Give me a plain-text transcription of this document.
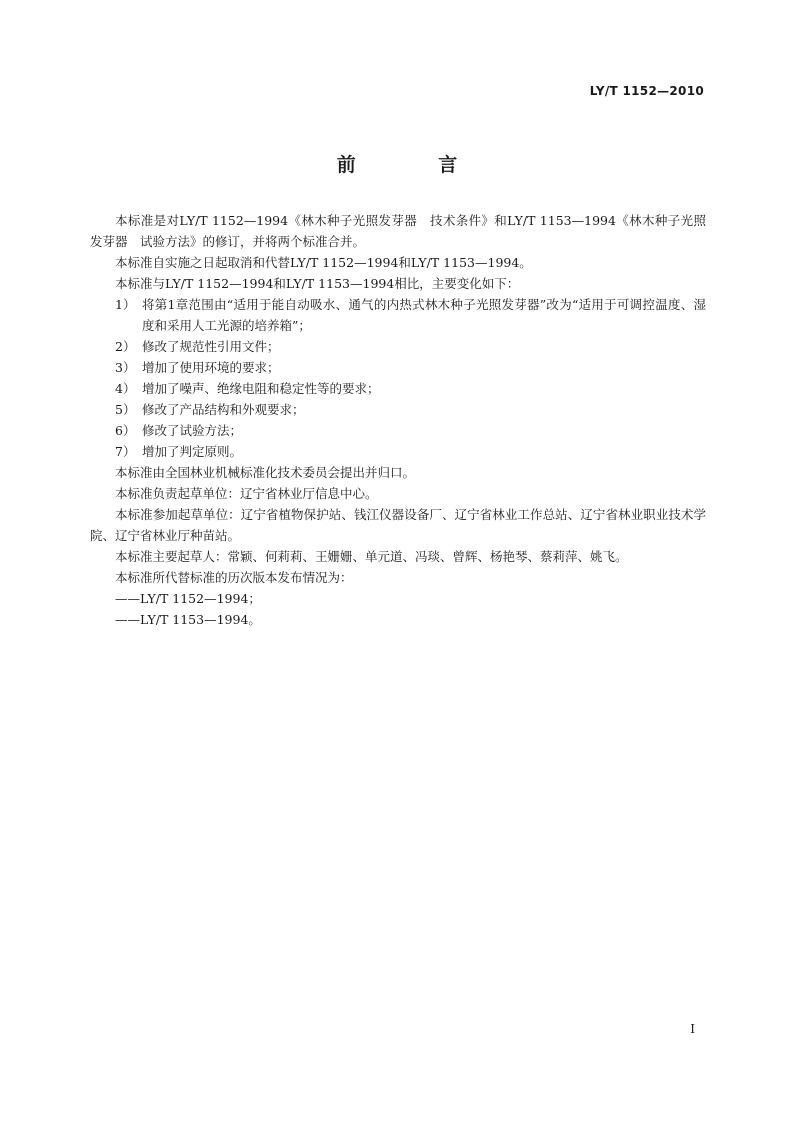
LY/T 1152—2010
前 言

本标准是对LY/T 1152—1994《林木种子光照发芽器　技术条件》和LY/T 1153—1994《林木种子光照发芽器　试验方法》的修订，并将两个标准合并。

本标准自实施之日起取消和代替LY/T 1152—1994和LY/T 1153—1994。

本标准与LY/T 1152—1994和LY/T 1153—1994相比，主要变化如下：

1） 将第1章范围由“适用于能自动吸水、通气的内热式林木种子光照发芽器”改为“适用于可调控温度、湿度和采用人工光源的培养箱”；

2） 修改了规范性引用文件；

3） 增加了使用环境的要求；

4） 增加了噪声、绝缘电阻和稳定性等的要求；

5） 修改了产品结构和外观要求；

6） 修改了试验方法；

7） 增加了判定原则。

本标准由全国林业机械标准化技术委员会提出并归口。

本标准负责起草单位：辽宁省林业厅信息中心。

本标准参加起草单位：辽宁省植物保护站、钱江仪器设备厂、辽宁省林业工作总站、辽宁省林业职业技术学院、辽宁省林业厅种苗站。

本标准主要起草人：常颖、何莉莉、王姗姗、单元道、冯琰、曾辉、杨艳琴、蔡莉萍、姚飞。

本标准所代替标准的历次版本发布情况为：

——LY/T 1152—1994；

——LY/T 1153—1994。

I
